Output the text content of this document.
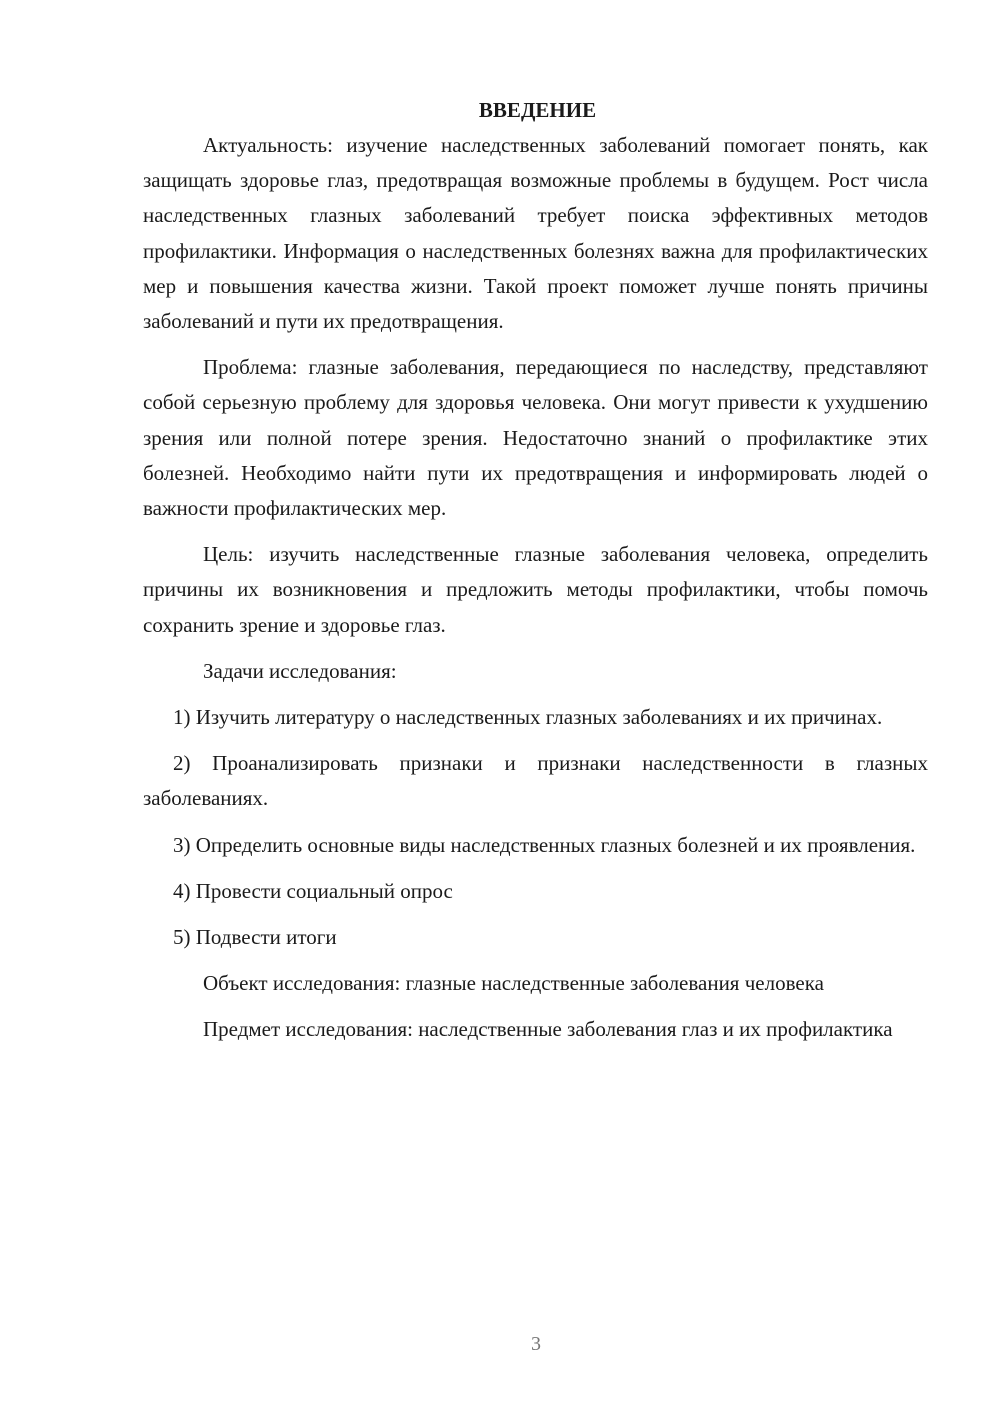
ВВЕДЕНИЕ

Актуальность: изучение наследственных заболеваний помогает понять, как защищать здоровье глаз, предотвращая возможные проблемы в будущем. Рост числа наследственных глазных заболеваний требует поиска эффективных методов профилактики. Информация о наследственных болезнях важна для профилактических мер и повышения качества жизни. Такой проект поможет лучше понять причины заболеваний и пути их предотвращения.

Проблема: глазные заболевания, передающиеся по наследству, представляют собой серьезную проблему для здоровья человека. Они могут привести к ухудшению зрения или полной потере зрения. Недостаточно знаний о профилактике этих болезней. Необходимо найти пути их предотвращения и информировать людей о важности профилактических мер.

Цель: изучить наследственные глазные заболевания человека, определить причины их возникновения и предложить методы профилактики, чтобы помочь сохранить зрение и здоровье глаз.

Задачи исследования:

1) Изучить литературу о наследственных глазных заболеваниях и их причинах.

2) Проанализировать признаки и признаки наследственности в глазных заболеваниях.

3) Определить основные виды наследственных глазных болезней и их проявления.

4) Провести социальный опрос

5) Подвести итоги

Объект исследования: глазные наследственные заболевания человека

Предмет исследования: наследственные заболевания глаз и их профилактика

3
